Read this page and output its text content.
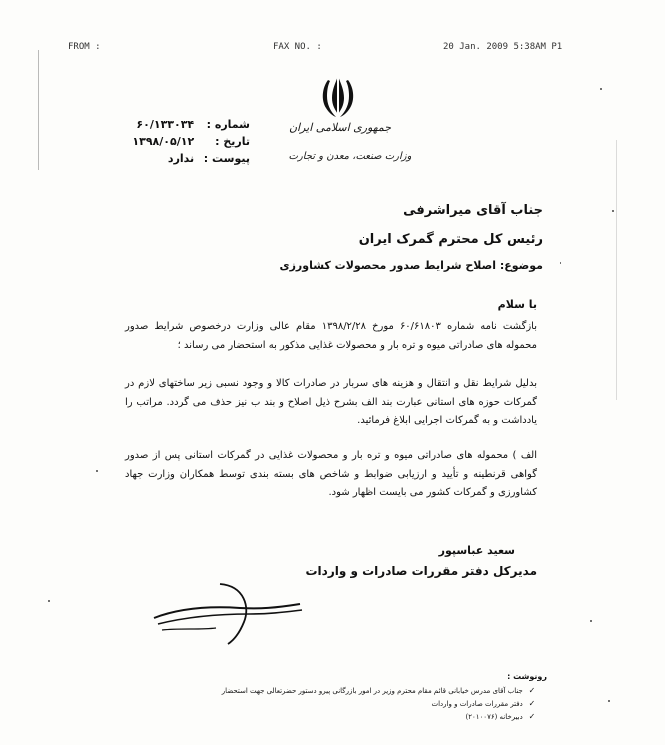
FROM :	FAX NO. :	20 Jan. 2009 5:38AM P1
جمهوری اسلامی ایران
وزارت صنعت، معدن و تجارت
شماره : ۶۰/۱۳۳۰۳۴
تاریخ : ۱۳۹۸/۰۵/۱۲
پیوست : ندارد
جناب آقای میراشرفی
رئیس کل محترم گمرک ایران
موضوع: اصلاح شرایط صدور محصولات کشاورزی
با سلام
بازگشت نامه شماره ۶۰/۶۱۸۰۳ مورخ ۱۳۹۸/۲/۲۸ مقام عالی وزارت درخصوص شرایط صدور محموله های صادراتی میوه و تره بار و محصولات غذایی مذکور به استحضار می رساند ؛
بدلیل شرایط نقل و انتقال و هزینه های سربار در صادرات کالا و وجود نسبی زیر ساختهای لازم در گمرکات حوزه های استانی عبارت بند الف بشرح ذیل اصلاح و بند ب نیز حذف می گردد. مراتب را یادداشت و به گمرکات اجرایی ابلاغ فرمائید.
الف ) محموله های صادراتی میوه و تره بار و محصولات غذایی در گمرکات استانی پس از صدور گواهی قرنطینه و تأیید و ارزیابی ضوابط و شاخص های بسته بندی توسط همکاران وزارت جهاد کشاورزی و گمرکات کشور می بایست اظهار شود.
سعید عباسپور
مدیرکل دفتر مقررات صادرات و واردات
رونوشت :
✓ جناب آقای مدرس خیابانی قائم مقام محترم وزیر در امور بازرگانی پیرو دستور حضرتعالی جهت استحضار
✓ دفتر مقررات صادرات و واردات
✓ دبیرخانه (۲۰۱۰۰۷۶)
